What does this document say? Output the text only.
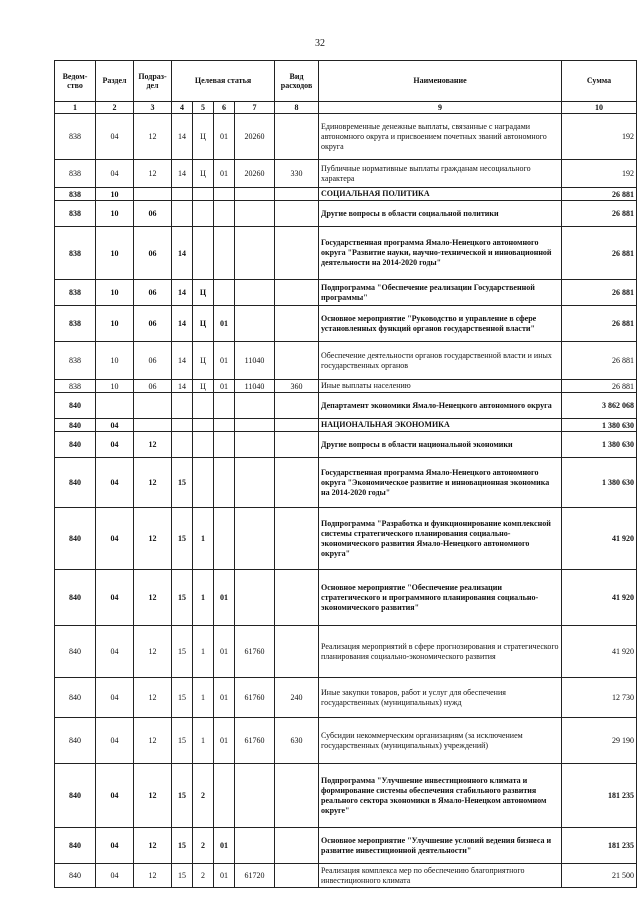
32
Ведом-
ство	Раздел	Подраз-
дел	Целевая статья				Вид
расходов	Наименование	Сумма
1	2	3	4	5	6	7	8	9	10
838	04	12	14	Ц	01	20260		Единовременные денежные выплаты, связанные с наградами автономного округа и присвоением почетных званий автономного округа	192
838	04	12	14	Ц	01	20260	330	Публичные нормативные выплаты гражданам несоциального характера	192
838	10							СОЦИАЛЬНАЯ ПОЛИТИКА	26 881
838	10	06						Другие вопросы в области социальной политики	26 881
838	10	06	14					Государственная программа Ямало-Ненецкого автономного округа "Развитие науки, научно-технической и инновационной деятельности на 2014-2020 годы"	26 881
838	10	06	14	Ц				Подпрограмма "Обеспечение реализации Государственной программы"	26 881
838	10	06	14	Ц	01			Основное мероприятие "Руководство и управление в сфере установленных функций органов государственной власти"	26 881
838	10	06	14	Ц	01	11040		Обеспечение деятельности органов государственной власти и иных государственных органов	26 881
838	10	06	14	Ц	01	11040	360	Иные выплаты населению	26 881
840								Департамент экономики Ямало-Ненецкого автономного округа	3 862 068
840	04							НАЦИОНАЛЬНАЯ ЭКОНОМИКА	1 380 630
840	04	12						Другие вопросы в области национальной экономики	1 380 630
840	04	12	15					Государственная программа Ямало-Ненецкого автономного округа "Экономическое развитие и инновационная экономика на 2014-2020 годы"	1 380 630
840	04	12	15	1				Подпрограмма "Разработка и функционирование комплексной системы стратегического планирования социально-экономического развития Ямало-Ненецкого автономного округа"	41 920
840	04	12	15	1	01			Основное мероприятие "Обеспечение реализации стратегического и программного планирования социально-экономического развития"	41 920
840	04	12	15	1	01	61760		Реализация мероприятий в сфере прогнозирования и стратегического планирования социально-экономического развития	41 920
840	04	12	15	1	01	61760	240	Иные закупки товаров, работ и услуг для обеспечения государственных (муниципальных) нужд	12 730
840	04	12	15	1	01	61760	630	Субсидии некоммерческим организациям (за исключением государственных (муниципальных) учреждений)	29 190
840	04	12	15	2				Подпрограмма "Улучшение инвестиционного климата и формирование системы обеспечения стабильного развития реального сектора экономики в Ямало-Ненецком автономном округе"	181 235
840	04	12	15	2	01			Основное мероприятие "Улучшение условий ведения бизнеса и развитие инвестиционной деятельности"	181 235
840	04	12	15	2	01	61720		Реализация комплекса мер по обеспечению благоприятного инвестиционного климата	21 500
